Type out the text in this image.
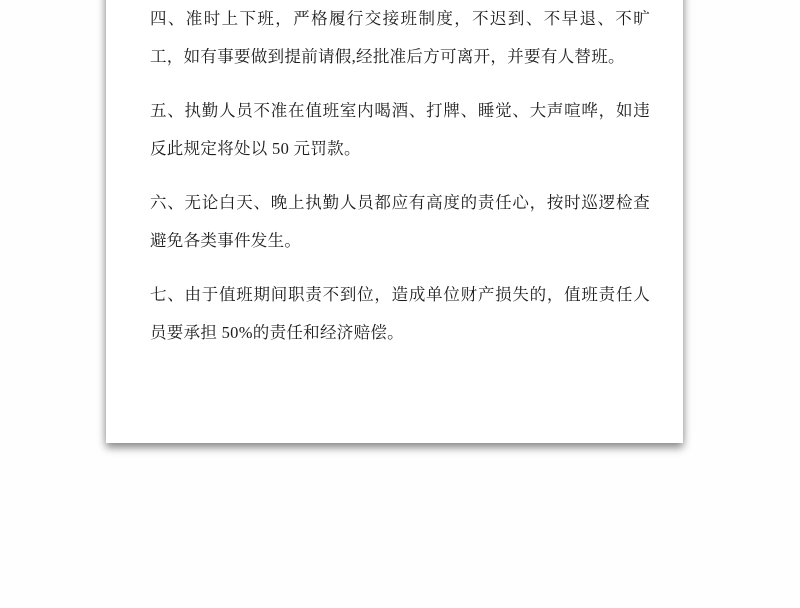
四、准时上下班，严格履行交接班制度，不迟到、不早退、不旷工，如有事要做到提前请假,经批准后方可离开，并要有人替班。

五、执勤人员不准在值班室内喝酒、打牌、睡觉、大声喧哗，如违反此规定将处以 50 元罚款。

六、无论白天、晚上执勤人员都应有高度的责任心，按时巡逻检查避免各类事件发生。

七、由于值班期间职责不到位，造成单位财产损失的，值班责任人员要承担 50%的责任和经济赔偿。
